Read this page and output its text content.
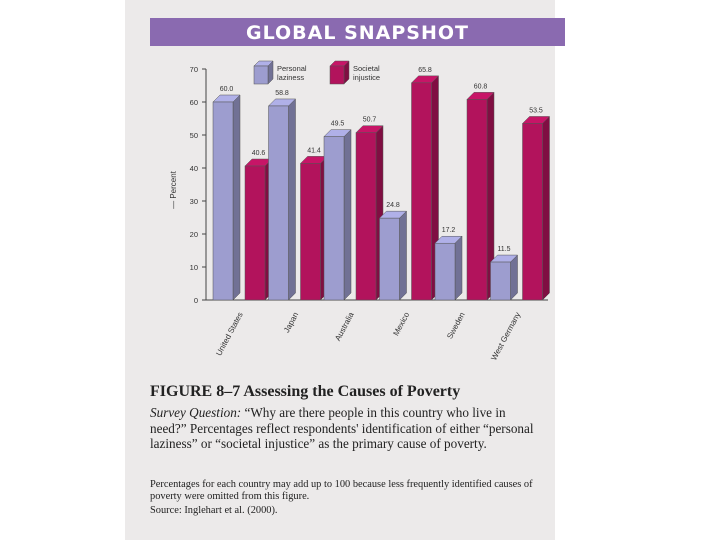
GLOBAL SNAPSHOT
0
10
20
30
40
50
60
70
— Percent
60.0
40.6
United States
58.8
41.4
Japan
49.5
50.7
Australia
24.8
65.8
Mexico
17.2
60.8
Sweden
11.5
53.5
West Germany
Personal
laziness
Societal
injustice
FIGURE 8–7 Assessing the Causes of Poverty
Survey Question: “Why are there people in this country who live in need?” Percentages reflect respondents' identification of either “personal laziness” or “societal injustice” as the primary cause of poverty.
Percentages for each country may add up to 100 because less frequently identified causes of poverty were omitted from this figure.
Source: Inglehart et al. (2000).
